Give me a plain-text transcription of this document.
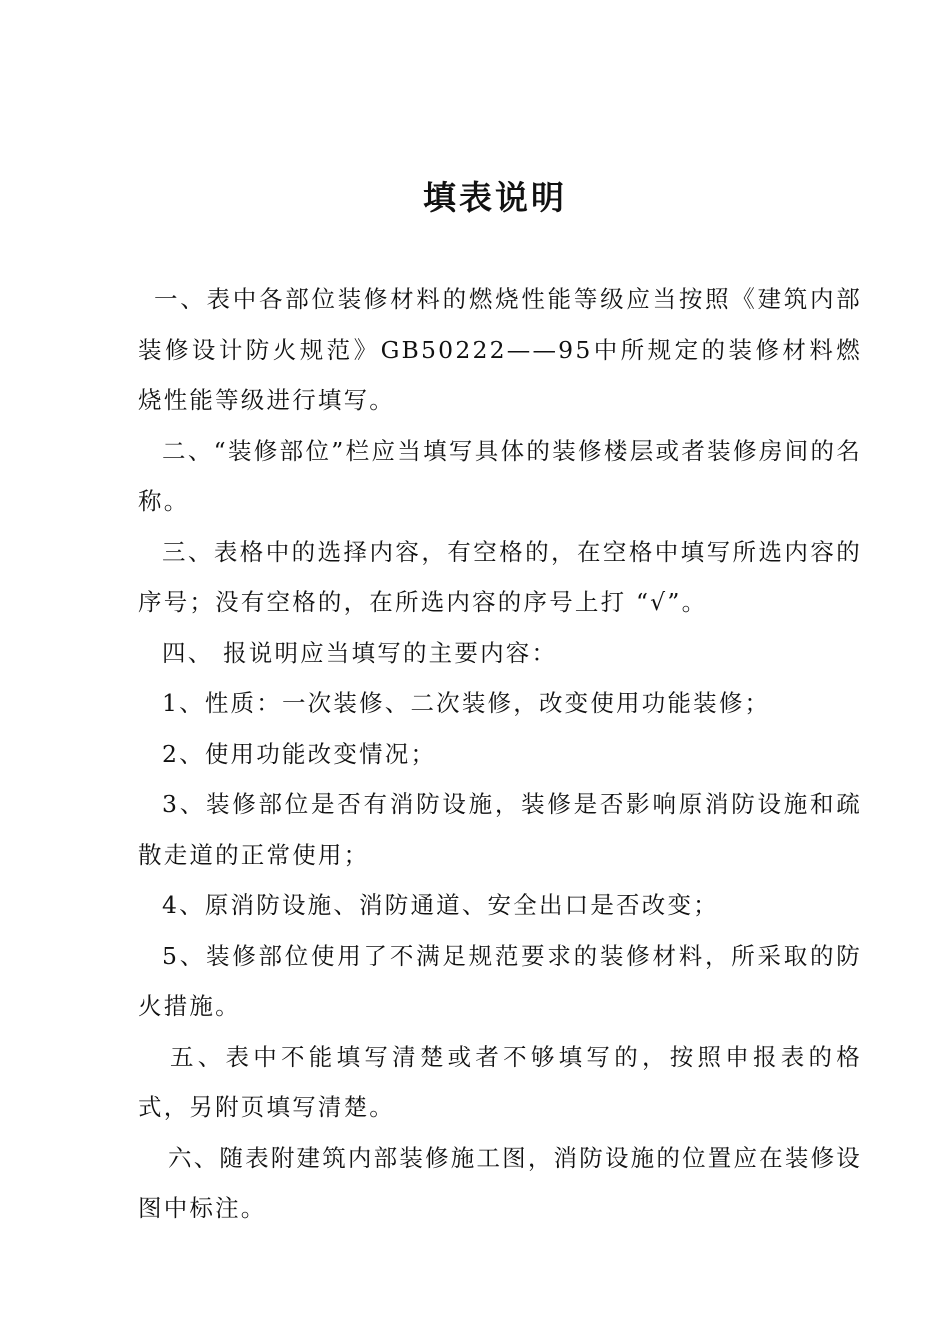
填表说明

一、表中各部位装修材料的燃烧性能等级应当按照《建筑内部装修设计防火规范》GB50222——95中所规定的装修材料燃烧性能等级进行填写。

二、“装修部位”栏应当填写具体的装修楼层或者装修房间的名称。

三、表格中的选择内容，有空格的，在空格中填写所选内容的序号；没有空格的，在所选内容的序号上打 “√”。

四、 报说明应当填写的主要内容：

1、性质：一次装修、二次装修，改变使用功能装修；

2、使用功能改变情况；

3、装修部位是否有消防设施，装修是否影响原消防设施和疏散走道的正常使用；

4、原消防设施、消防通道、安全出口是否改变；

5、装修部位使用了不满足规范要求的装修材料，所采取的防火措施。

五、表中不能填写清楚或者不够填写的，按照申报表的格式，另附页填写清楚。

六、随表附建筑内部装修施工图，消防设施的位置应在装修设图中标注。
